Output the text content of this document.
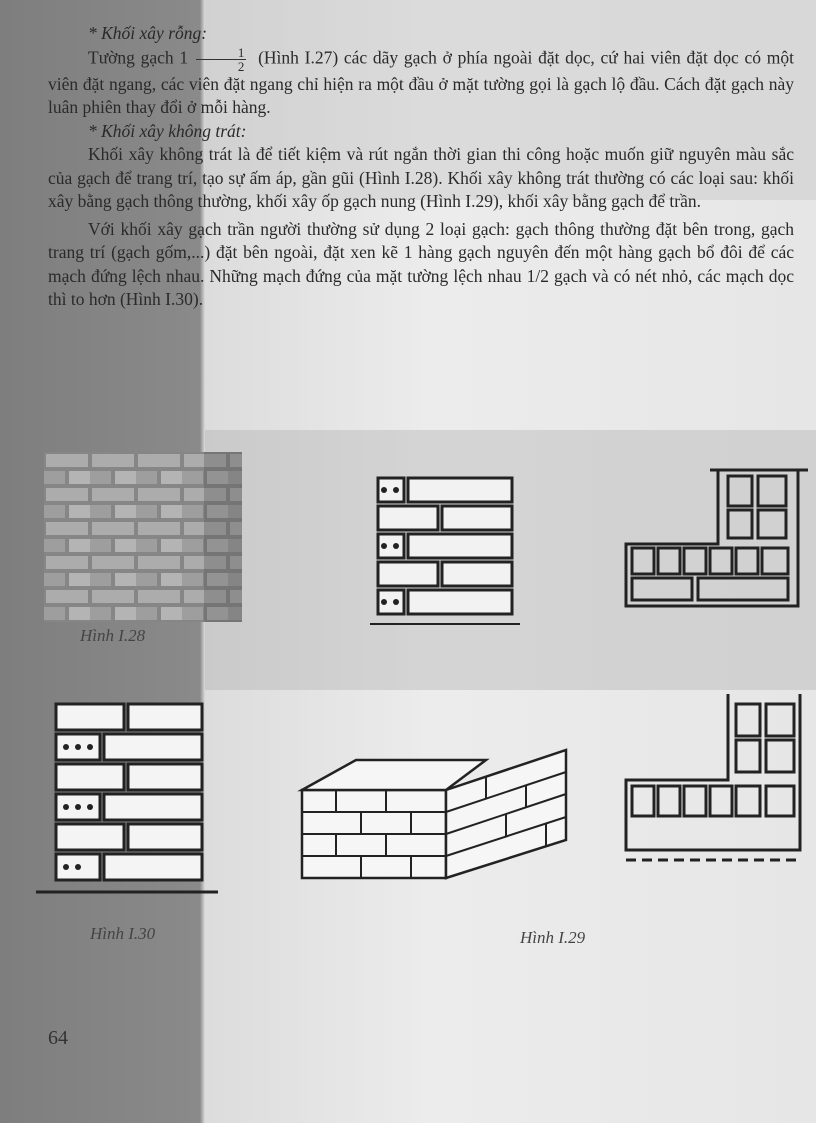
* Khối xây rỗng:

Tường gạch $1 \frac{1}{2}$ (Hình I.27) các dãy gạch ở phía ngoài đặt dọc, cứ hai viên đặt dọc có một viên đặt ngang, các viên đặt ngang chỉ hiện ra một đầu ở mặt tường gọi là gạch lộ đầu. Cách đặt gạch này luân phiên thay đổi ở mỗi hàng.

* Khối xây không trát:

Khối xây không trát là để tiết kiệm và rút ngắn thời gian thi công hoặc muốn giữ nguyên màu sắc của gạch để trang trí, tạo sự ấm áp, gần gũi (Hình I.28). Khối xây không trát thường có các loại sau: khối xây bằng gạch thông thường, khối xây ốp gạch nung (Hình I.29), khối xây bằng gạch để trần.

Với khối xây gạch trần người thường sử dụng 2 loại gạch: gạch thông thường đặt bên trong, gạch trang trí (gạch gốm,...) đặt bên ngoài, đặt xen kẽ 1 hàng gạch nguyên đến một hàng gạch bổ đôi để các mạch đứng lệch nhau. Những mạch đứng của mặt tường lệch nhau 1/2 gạch và có nét nhỏ, các mạch dọc thì to hơn (Hình I.30).

Hình I.28
Hình I.30	Hình I.29
64
